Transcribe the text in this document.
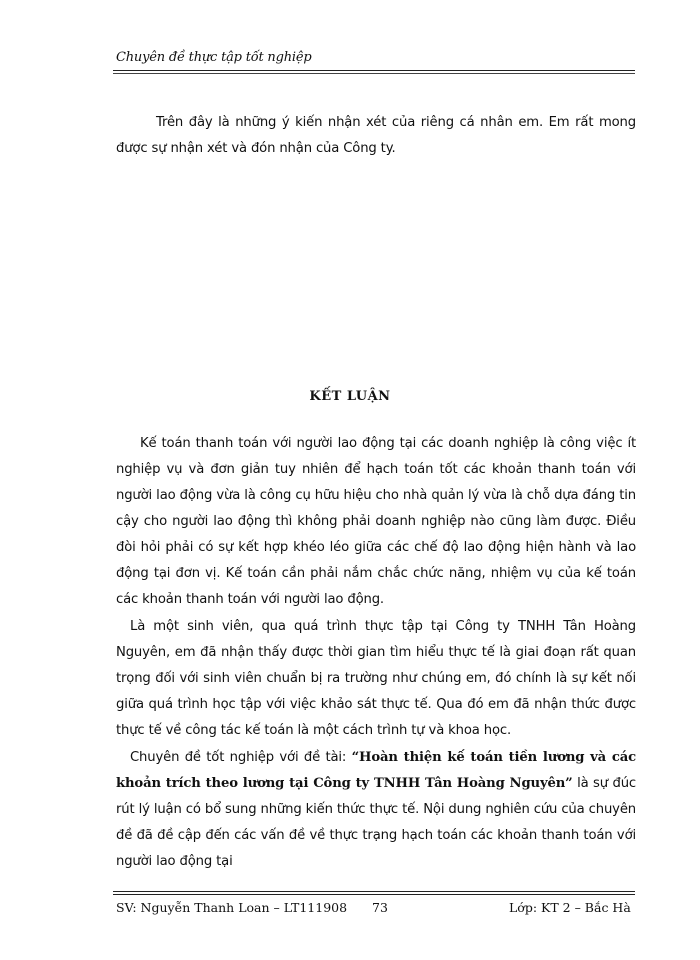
Chuyên đề thực tập tốt nghiệp
Trên đây là những ý kiến nhận xét của riêng cá nhân em. Em rất mong được sự nhận xét và đón nhận của Công ty.
KẾT LUẬN
Kế toán thanh toán với người lao động tại các doanh nghiệp là công việc ít nghiệp vụ và đơn giản tuy nhiên để hạch toán tốt các khoản thanh toán với người lao động vừa là công cụ hữu hiệu cho nhà quản lý vừa là chỗ dựa đáng tin cậy cho người lao động thì không phải doanh nghiệp nào cũng làm được. Điều đòi hỏi phải có sự kết hợp khéo léo giữa các chế độ lao động hiện hành và lao động tại đơn vị. Kế toán cần phải nắm chắc chức năng, nhiệm vụ của kế toán các khoản thanh toán với người lao động.
Là một sinh viên, qua quá trình thực tập tại Công ty TNHH Tân Hoàng Nguyên, em đã nhận thấy được thời gian tìm hiểu thực tế là giai đoạn rất quan trọng đối với sinh viên chuẩn bị ra trường như chúng em, đó chính là sự kết nối giữa quá trình học tập với việc khảo sát thực tế. Qua đó em đã nhận thức được thực tế về công tác kế toán là một cách trình tự và khoa học.
Chuyên đề tốt nghiệp với đề tài: “Hoàn thiện kế toán tiền lương và các khoản trích theo lương tại Công ty TNHH Tân Hoàng Nguyên” là sự đúc rút lý luận có bổ sung những kiến thức thực tế. Nội dung nghiên cứu của chuyên đề đã đề cập đến các vấn đề về thực trạng hạch toán các khoản thanh toán với người lao động tại
SV: Nguyễn Thanh Loan – LT111908 73	Lớp: KT 2 – Bắc Hà
